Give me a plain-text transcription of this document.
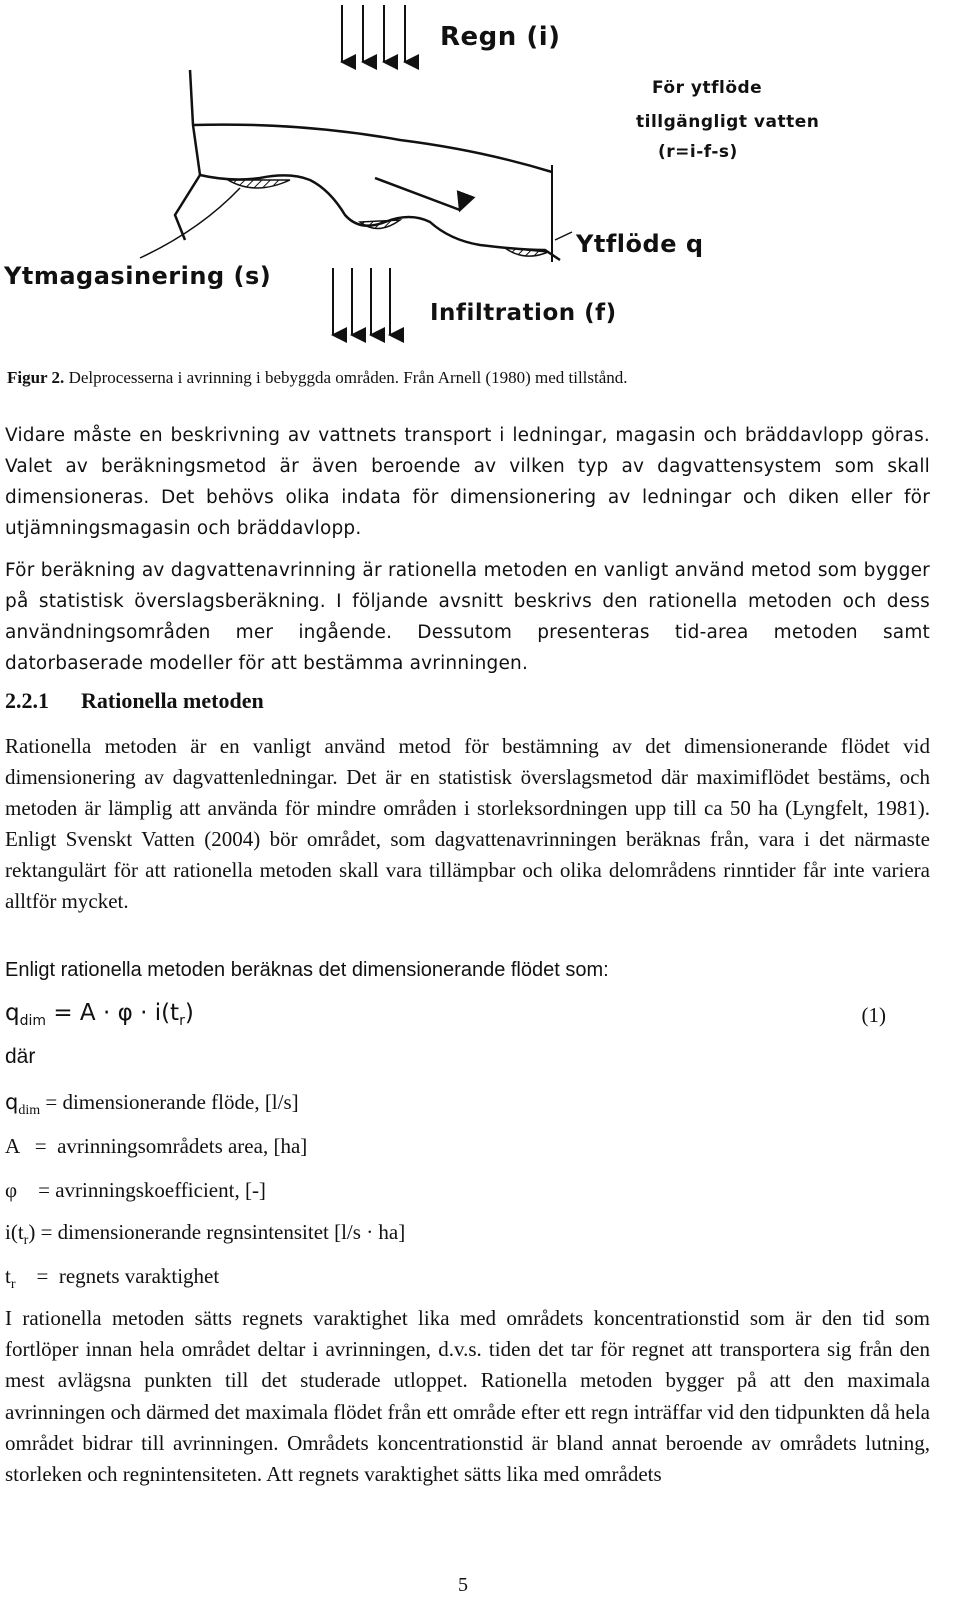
Regn (i)
För ytflöde
tillgängligt vatten
(r=i-f-s)
Ytflöde q
Ytmagasinering (s)
Infiltration (f)
Figur 2. Delprocesserna i avrinning i bebyggda områden. Från Arnell (1980) med tillstånd.

Vidare måste en beskrivning av vattnets transport i ledningar, magasin och bräddavlopp göras. Valet av beräkningsmetod är även beroende av vilken typ av dagvattensystem som skall dimensioneras. Det behövs olika indata för dimensionering av ledningar och diken eller för utjämningsmagasin och bräddavlopp.

För beräkning av dagvattenavrinning är rationella metoden en vanligt använd metod som bygger på statistisk överslagsberäkning. I följande avsnitt beskrivs den rationella metoden och dess användningsområden mer ingående. Dessutom presenteras tid-area metoden samt datorbaserade modeller för att bestämma avrinningen.

2.2.1 Rationella metoden

Rationella metoden är en vanligt använd metod för bestämning av det dimensionerande flödet vid dimensionering av dagvattenledningar. Det är en statistisk överslagsmetod där maximiflödet bestäms, och metoden är lämplig att använda för mindre områden i storleksordningen upp till ca 50 ha (Lyngfelt, 1981). Enligt Svenskt Vatten (2004) bör området, som dagvattenavrinningen beräknas från, vara i det närmaste rektangulärt för att rationella metoden skall vara tillämpbar och olika delområdens rinntider får inte variera alltför mycket.

Enligt rationella metoden beräknas det dimensionerande flödet som:

$q_{dim} = A \cdot \varphi \cdot i(t_r)$	(1)
där
$q_{dim}$ = dimensionerande flöde, [l/s]
A   =  avrinningsområdets area, [ha]
φ    = avrinningskoefficient, [-]
$i(t_r)$ = dimensionerande regnsintensitet [l/s · ha]
$t_r$    =  regnets varaktighet

I rationella metoden sätts regnets varaktighet lika med områdets koncentrationstid som är den tid som fortlöper innan hela området deltar i avrinningen, d.v.s. tiden det tar för regnet att transportera sig från den mest avlägsna punkten till det studerade utloppet. Rationella metoden bygger på att den maximala avrinningen och därmed det maximala flödet från ett område efter ett regn inträffar vid den tidpunkten då hela området bidrar till avrinningen. Områdets koncentrationstid är bland annat beroende av områdets lutning, storleken och regnintensiteten. Att regnets varaktighet sätts lika med områdets

5
